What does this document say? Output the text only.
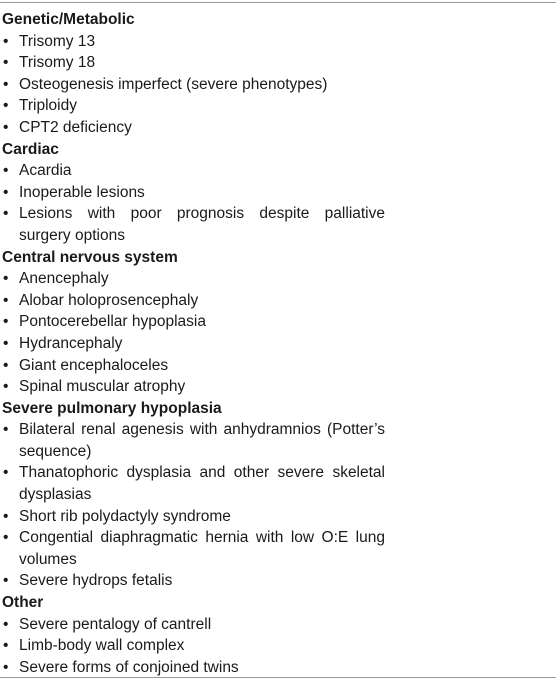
Genetic/Metabolic
• Trisomy 13
• Trisomy 18
• Osteogenesis imperfect (severe phenotypes)
• Triploidy
• CPT2 deficiency
Cardiac
• Acardia
• Inoperable lesions
• Lesions with poor prognosis despite palliative surgery options
Central nervous system
• Anencephaly
• Alobar holoprosencephaly
• Pontocerebellar hypoplasia
• Hydrancephaly
• Giant encephaloceles
• Spinal muscular atrophy
Severe pulmonary hypoplasia
• Bilateral renal agenesis with anhydramnios (Potter’s sequence)
• Thanatophoric dysplasia and other severe skeletal dysplasias
• Short rib polydactyly syndrome
• Congential diaphragmatic hernia with low O:E lung volumes
• Severe hydrops fetalis
Other
• Severe pentalogy of cantrell
• Limb-body wall complex
• Severe forms of conjoined twins
